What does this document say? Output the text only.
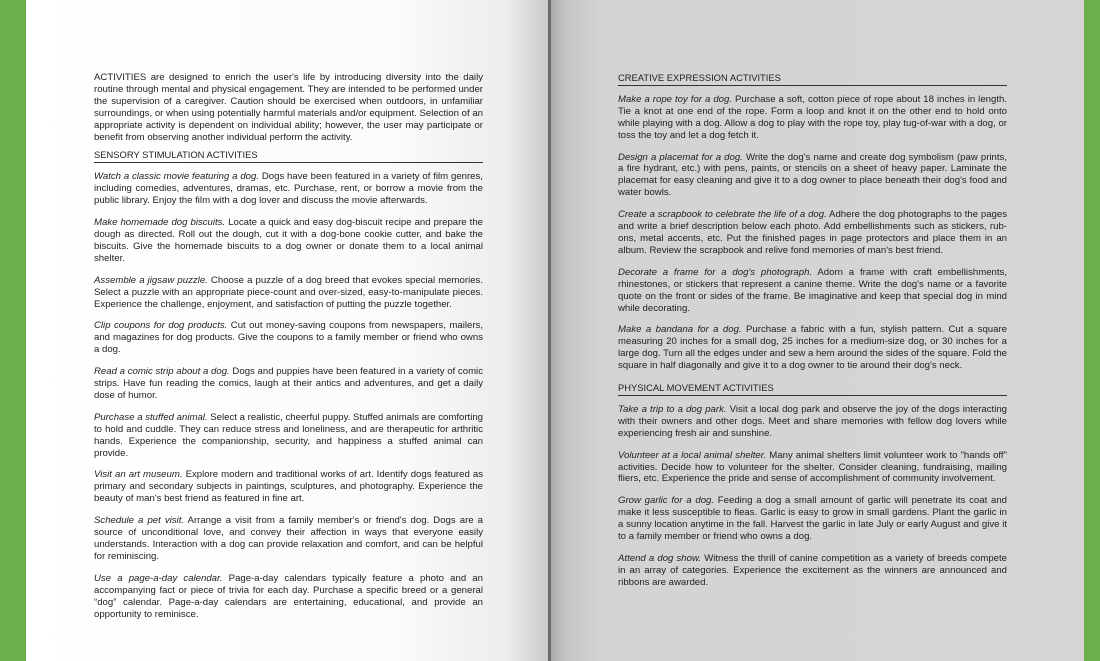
ACTIVITIES are designed to enrich the user's life by introducing diversity into the daily routine through mental and physical engagement. They are intended to be performed under the supervision of a caregiver. Caution should be exercised when outdoors, in unfamiliar surroundings, or when using potentially harmful materials and/or equipment. Selection of an appropriate activity is dependent on individual ability; however, the user may participate or benefit from observing another individual perform the activity.

SENSORY STIMULATION ACTIVITIES

Watch a classic movie featuring a dog. Dogs have been featured in a variety of film genres, including comedies, adventures, dramas, etc. Purchase, rent, or borrow a movie from the public library. Enjoy the film with a dog lover and discuss the movie afterwards.

Make homemade dog biscuits. Locate a quick and easy dog-biscuit recipe and prepare the dough as directed. Roll out the dough, cut it with a dog-bone cookie cutter, and bake the biscuits. Give the homemade biscuits to a dog owner or donate them to a local animal shelter.

Assemble a jigsaw puzzle. Choose a puzzle of a dog breed that evokes special memories. Select a puzzle with an appropriate piece-count and over-sized, easy-to-manipulate pieces. Experience the challenge, enjoyment, and satisfaction of putting the puzzle together.

Clip coupons for dog products. Cut out money-saving coupons from newspapers, mailers, and magazines for dog products. Give the coupons to a family member or friend who owns a dog.

Read a comic strip about a dog. Dogs and puppies have been featured in a variety of comic strips. Have fun reading the comics, laugh at their antics and adventures, and get a daily dose of humor.

Purchase a stuffed animal. Select a realistic, cheerful puppy. Stuffed animals are comforting to hold and cuddle. They can reduce stress and loneliness, and are therapeutic for arthritic hands. Experience the companionship, security, and happiness a stuffed animal can provide.

Visit an art museum. Explore modern and traditional works of art. Identify dogs featured as primary and secondary subjects in paintings, sculptures, and photography. Experience the beauty of man's best friend as featured in fine art.

Schedule a pet visit. Arrange a visit from a family member's or friend's dog. Dogs are a source of unconditional love, and convey their affection in ways that everyone easily understands. Interaction with a dog can provide relaxation and comfort, and can be helpful for reminiscing.

Use a page-a-day calendar. Page-a-day calendars typically feature a photo and an accompanying fact or piece of trivia for each day. Purchase a specific breed or a general “dog” calendar. Page-a-day calendars are entertaining, educational, and provide an opportunity to reminisce.

CREATIVE EXPRESSION ACTIVITIES

Make a rope toy for a dog. Purchase a soft, cotton piece of rope about 18 inches in length. Tie a knot at one end of the rope. Form a loop and knot it on the other end to hold onto while playing with a dog. Allow a dog to play with the rope toy, play tug-of-war with a dog, or toss the toy and let a dog fetch it.

Design a placemat for a dog. Write the dog's name and create dog symbolism (paw prints, a fire hydrant, etc.) with pens, paints, or stencils on a sheet of heavy paper. Laminate the placemat for easy cleaning and give it to a dog owner to place beneath their dog's food and water bowls.

Create a scrapbook to celebrate the life of a dog. Adhere the dog photographs to the pages and write a brief description below each photo. Add embellishments such as stickers, rub-ons, metal accents, etc. Put the finished pages in page protectors and place them in an album. Review the scrapbook and relive fond memories of man's best friend.

Decorate a frame for a dog's photograph. Adorn a frame with craft embellishments, rhinestones, or stickers that represent a canine theme. Write the dog's name or a favorite quote on the front or sides of the frame. Be imaginative and keep that special dog in mind while decorating.

Make a bandana for a dog. Purchase a fabric with a fun, stylish pattern. Cut a square measuring 20 inches for a small dog, 25 inches for a medium-size dog, or 30 inches for a large dog. Turn all the edges under and sew a hem around the sides of the square. Fold the square in half diagonally and give it to a dog owner to tie around their dog's neck.

PHYSICAL MOVEMENT ACTIVITIES

Take a trip to a dog park. Visit a local dog park and observe the joy of the dogs interacting with their owners and other dogs. Meet and share memories with fellow dog lovers while experiencing fresh air and sunshine.

Volunteer at a local animal shelter. Many animal shelters limit volunteer work to "hands off" activities. Decide how to volunteer for the shelter. Consider cleaning, fundraising, mailing fliers, etc. Experience the pride and sense of accomplishment of community involvement.

Grow garlic for a dog. Feeding a dog a small amount of garlic will penetrate its coat and make it less susceptible to fleas. Garlic is easy to grow in small gardens. Plant the garlic in a sunny location anytime in the fall. Harvest the garlic in late July or early August and give it to a family member or friend who owns a dog.

Attend a dog show. Witness the thrill of canine competition as a variety of breeds compete in an array of categories. Experience the excitement as the winners are announced and ribbons are awarded.
